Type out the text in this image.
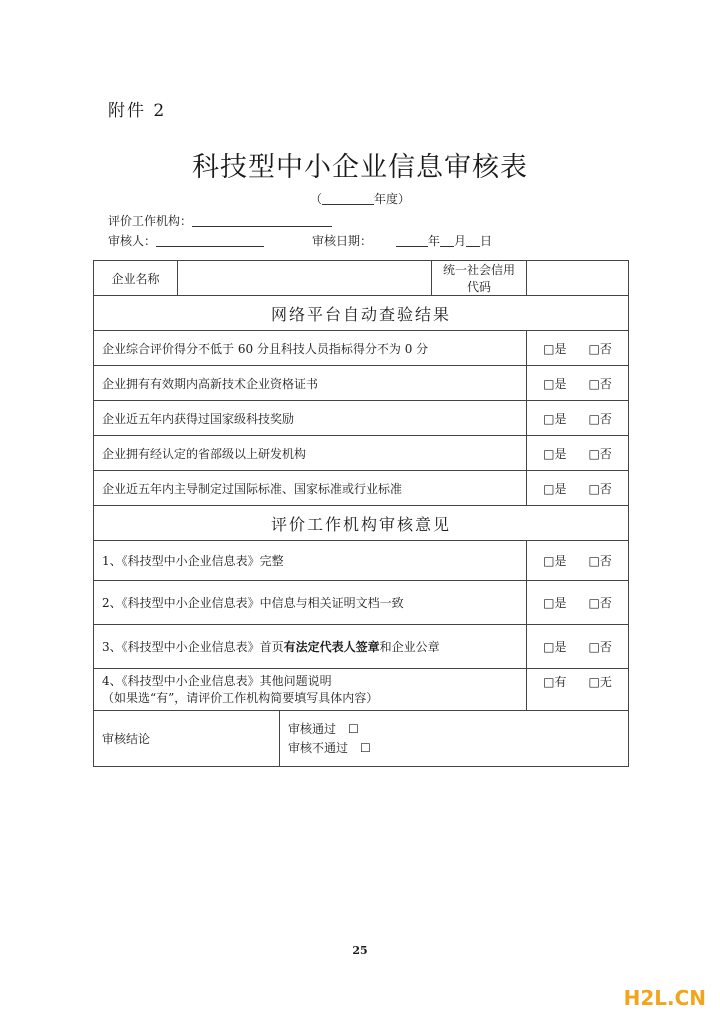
附件 2
科技型中小企业信息审核表
（	年度）
评价工作机构：
审核人：	审核日期：	年 月 日
企业名称			统一社会信用代码	
网络平台自动查验结果				
企业综合评价得分不低于 60 分且科技人员指标得分不为 0 分				□是 □否
企业拥有有效期内高新技术企业资格证书				□是 □否
企业近五年内获得过国家级科技奖励				□是 □否
企业拥有经认定的省部级以上研发机构				□是 □否
企业近五年内主导制定过国际标准、国家标准或行业标准				□是 □否
评价工作机构审核意见				
1、《科技型中小企业信息表》完整				□是 □否
2、《科技型中小企业信息表》中信息与相关证明文档一致				□是 □否
3、《科技型中小企业信息表》首页有法定代表人签章和企业公章				□是 □否

4、《科技型中小企业信息表》其他问题说明
（如果选“有”，请评价工作机构简要填写具体内容）				□有 □无
审核结论		审核通过　☐
审核不通过　☐		
25
H2L.CN
